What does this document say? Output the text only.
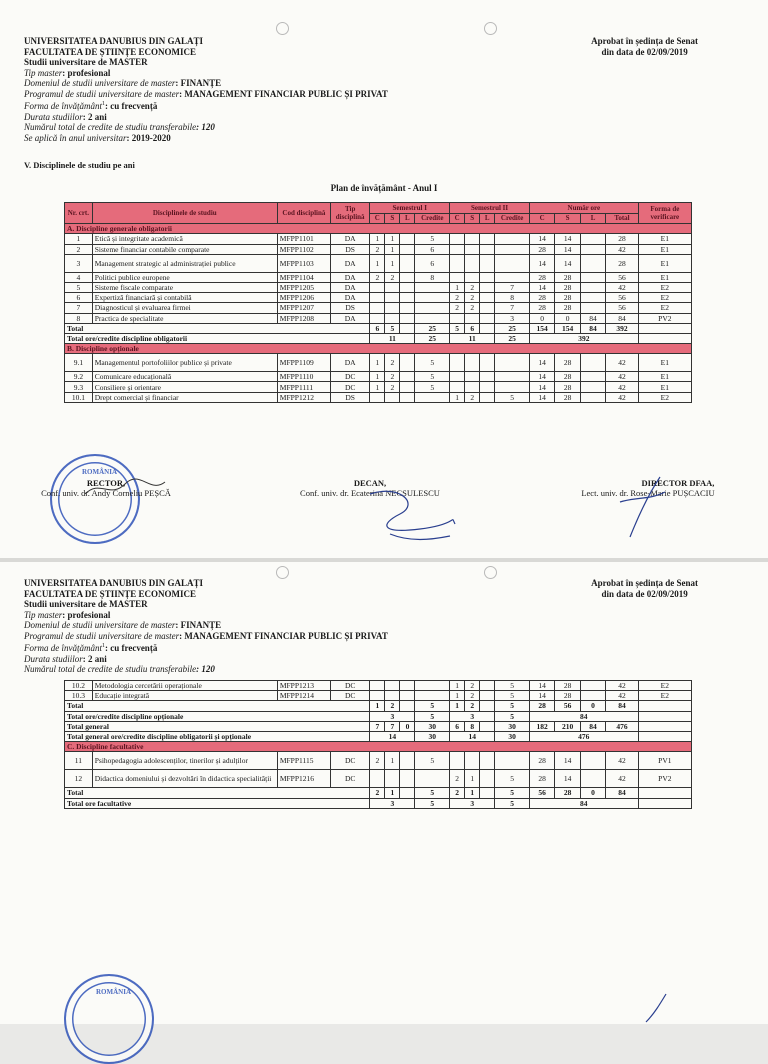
UNIVERSITATEA DANUBIUS DIN GALAȚI
FACULTATEA DE ȘTIINȚE ECONOMICE
Studii universitare de MASTER
Tip master: profesional
Domeniul de studii universitare de master: FINANȚE
Programul de studii universitare de master: MANAGEMENT FINANCIAR PUBLIC ȘI PRIVAT
Forma de învățământ$^1$: cu frecvență
Durata studiilor: 2 ani
Numărul total de credite de studiu transferabile: 120
Se aplică în anul universitar: 2019-2020
Aprobat în ședința de Senat
din data de 02/09/2019
V. Disciplinele de studiu pe ani
Plan de învățământ - Anul I
Nr. crt.	Disciplinele de studiu	Cod disciplină	Tip disciplină	Semestrul I				Semestrul II				Număr ore				Forma de verificare
				C	S	L	Credite	C	S	L	Credite	C	S	L	Total	
A. Discipline generale obligatorii																
1	Etică și integritate academică	MFPP1101	DA	1	1		5					14	14		28	E1
2	Sisteme financiar contabile comparate	MFPP1102	DS	2	1		6					28	14		42	E1
3	Management strategic al administrației publice	MFPP1103	DA	1	1		6					14	14		28	E1
4	Politici publice europene	MFPP1104	DA	2	2		8					28	28		56	E1
5	Sisteme fiscale comparate	MFPP1205	DA					1	2		7	14	28		42	E2
6	Expertiză financiară și contabilă	MFPP1206	DA					2	2		8	28	28		56	E2
7	Diagnosticul și evaluarea firmei	MFPP1207	DS					2	2		7	28	28		56	E2
8	Practica de specialitate	MFPP1208	DA								3	0	0	84	84	PV2
Total				6	5		25	5	6		25	154	154	84	392	
Total ore/credite discipline obligatorii				11			25	11			25	392				
B. Discipline opționale																
9.1	Managementul portofoliilor publice și private	MFPP1109	DA	1	2		5					14	28		42	E1
9.2	Comunicare educațională	MFPP1110	DC	1	2		5					14	28		42	E1
9.3	Consiliere și orientare	MFPP1111	DC	1	2		5					14	28		42	E1
10.1	Drept comercial și financiar	MFPP1212	DS					1	2		5	14	28		42	E2
ROMÂNIA
RECTOR,
Conf. univ. dr. Andy Corneliu PEȘCĂ
DECAN,
Conf. univ. dr. Ecaterina NECȘULESCU
DIRECTOR DFAA,
Lect. univ. dr. Rose-Marie PUȘCACIU
UNIVERSITATEA DANUBIUS DIN GALAȚI
FACULTATEA DE ȘTIINȚE ECONOMICE
Studii universitare de MASTER
Tip master: profesional
Domeniul de studii universitare de master: FINANȚE
Programul de studii universitare de master: MANAGEMENT FINANCIAR PUBLIC ȘI PRIVAT
Forma de învățământ$^1$: cu frecvență
Durata studiilor: 2 ani
Numărul total de credite de studiu transferabile: 120
Aprobat în ședința de Senat
din data de 02/09/2019
10.2	Metodologia cercetării operaționale	MFPP1213	DC					1	2		5	14	28		42	E2
10.3	Educație integrată	MFPP1214	DC					1	2		5	14	28		42	E2
Total				1	2		5	1	2		5	28	56	0	84	
Total ore/credite discipline opționale				3			5	3			5	84				
Total general				7	7	0	30	6	8		30	182	210	84	476	
Total general ore/credite discipline obligatorii și opționale				14			30	14			30	476				
C. Discipline facultative																
11	Psihopedagogia adolescenților, tinerilor și adulților	MFPP1115	DC	2	1		5					28	14		42	PV1
12	Didactica domeniului și dezvoltări în didactica specialității	MFPP1216	DC					2	1		5	28	14		42	PV2
Total				2	1		5	2	1		5	56	28	0	84	
Total ore facultative				3			5	3			5	84				
ROMÂNIA
